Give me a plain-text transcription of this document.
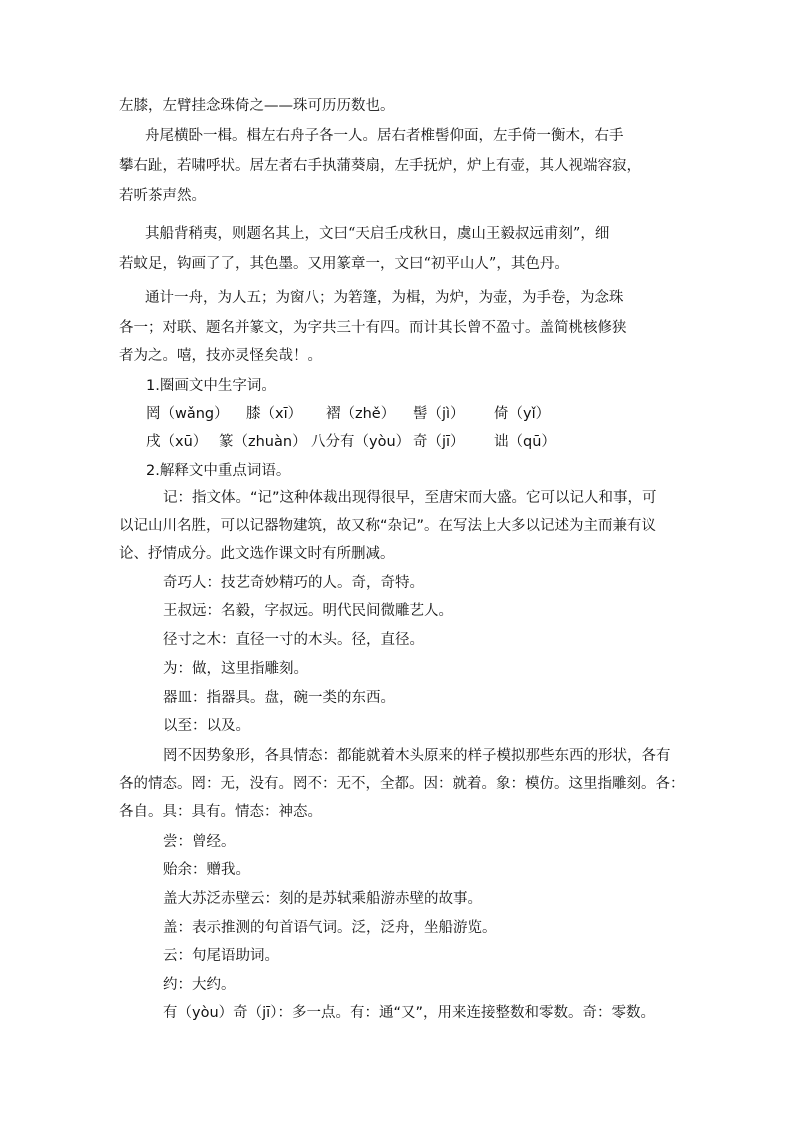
左膝，左臂挂念珠倚之——珠可历历数也。
舟尾横卧一楫。楫左右舟子各一人。居右者椎髻仰面，左手倚一衡木，右手
攀右趾，若啸呼状。居左者右手执蒲葵扇，左手抚炉，炉上有壶，其人视端容寂，
若听茶声然。
其船背稍夷，则题名其上，文曰“天启壬戌秋日，虞山王毅叔远甫刻”，细
若蚊足，钩画了了，其色墨。又用篆章一，文曰“初平山人”，其色丹。
通计一舟，为人五；为窗八；为箬篷，为楫，为炉，为壶，为手卷，为念珠
各一；对联、题名并篆文，为字共三十有四。而计其长曾不盈寸。盖简桃核修狭
者为之。嘻，技亦灵怪矣哉！。
1.圈画文中生字词。
罔（wǎng） 膝（xī） 褶（zhě） 髻（jì） 倚（yǐ）
戌（xū） 篆（zhuàn） 八分有（yòu） 奇（jī） 诎（qū）
2.解释文中重点词语。
记：指文体。“记”这种体裁出现得很早，至唐宋而大盛。它可以记人和事，可
以记山川名胜，可以记器物建筑，故又称“杂记”。在写法上大多以记述为主而兼有议
论、抒情成分。此文选作课文时有所删减。
奇巧人：技艺奇妙精巧的人。奇，奇特。
王叔远：名毅，字叔远。明代民间微雕艺人。
径寸之木：直径一寸的木头。径，直径。
为：做，这里指雕刻。
器皿：指器具。盘，碗一类的东西。
以至：以及。
罔不因势象形，各具情态：都能就着木头原来的样子模拟那些东西的形状，各有
各的情态。罔：无，没有。罔不：无不，全都。因：就着。象：模仿。这里指雕刻。各：
各自。具：具有。情态：神态。
尝：曾经。
贻余：赠我。
盖大苏泛赤壁云：刻的是苏轼乘船游赤壁的故事。
盖：表示推测的句首语气词。泛，泛舟，坐船游览。
云：句尾语助词。
约：大约。
有（yòu）奇（jī）：多一点。有：通“又”，用来连接整数和零数。奇：零数。
